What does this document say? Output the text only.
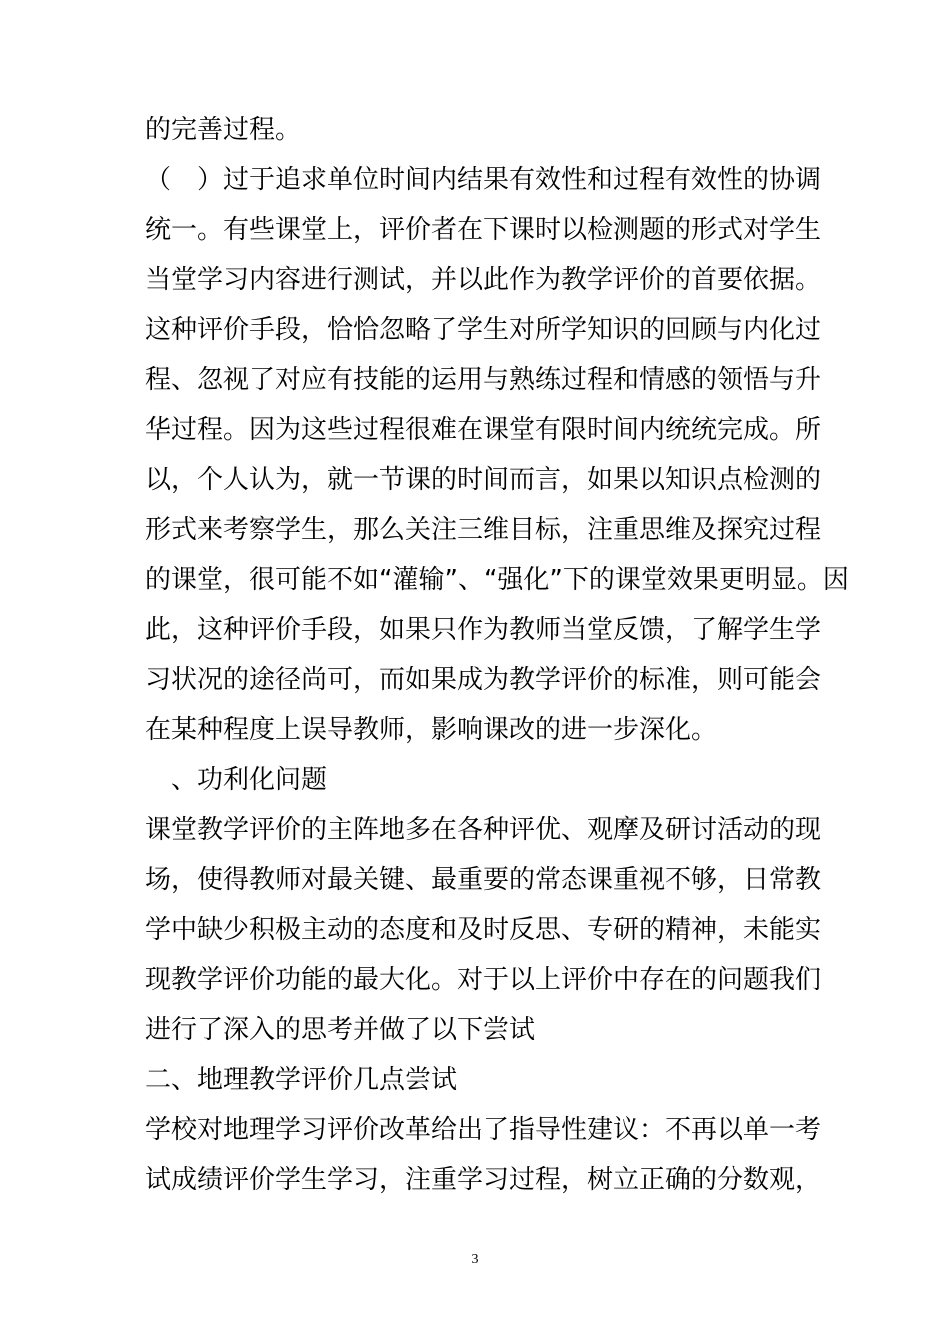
的完善过程。
（　）过于追求单位时间内结果有效性和过程有效性的协调
统一。有些课堂上，评价者在下课时以检测题的形式对学生
当堂学习内容进行测试，并以此作为教学评价的首要依据。
这种评价手段，恰恰忽略了学生对所学知识的回顾与内化过
程、忽视了对应有技能的运用与熟练过程和情感的领悟与升
华过程。因为这些过程很难在课堂有限时间内统统完成。所
以，个人认为，就一节课的时间而言，如果以知识点检测的
形式来考察学生，那么关注三维目标，注重思维及探究过程
的课堂，很可能不如“灌输”、“强化”下的课堂效果更明显。因
此，这种评价手段，如果只作为教师当堂反馈，了解学生学
习状况的途径尚可，而如果成为教学评价的标准，则可能会
在某种程度上误导教师，影响课改的进一步深化。
　、功利化问题
课堂教学评价的主阵地多在各种评优、观摩及研讨活动的现
场，使得教师对最关键、最重要的常态课重视不够，日常教
学中缺少积极主动的态度和及时反思、专研的精神，未能实
现教学评价功能的最大化。对于以上评价中存在的问题我们
进行了深入的思考并做了以下尝试
二、地理教学评价几点尝试
学校对地理学习评价改革给出了指导性建议：不再以单一考
试成绩评价学生学习，注重学习过程，树立正确的分数观，
3
